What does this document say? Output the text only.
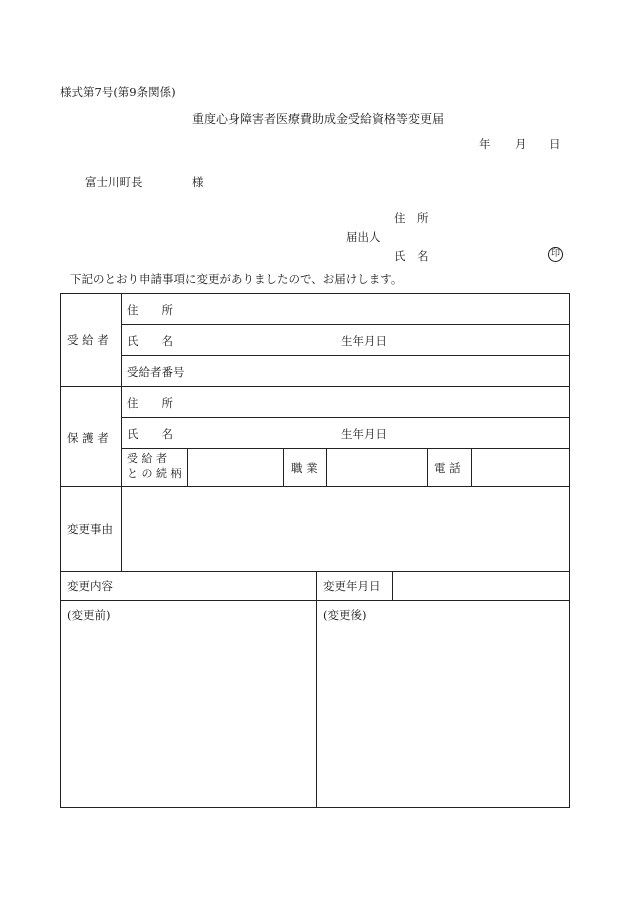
様式第7号(第9条関係)
重度心身障害者医療費助成金受給資格等変更届
年 月 日
富士川町長	様
住　所
届出人
氏　名	印
下記のとおり申請事項に変更がありましたので、お届けします。
受 給 者
住　　所
氏　　名	生年月日
受給者番号
保 護 者
住　　所
氏　　名	生年月日
受 給 者
と の 続 柄	職 業	電 話
変更事由
変更内容	変更年月日
(変更前)	(変更後)
